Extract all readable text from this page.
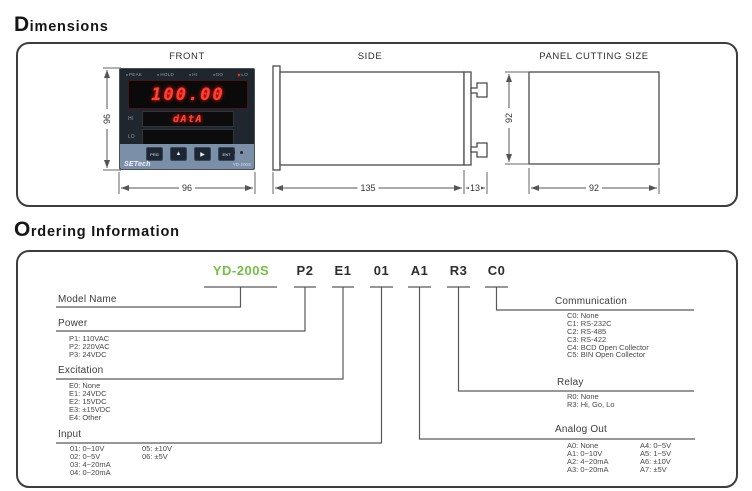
Dimensions
FRONT	SIDE	PANEL CUTTING SIZE
PEAK	HOLD	HI	GO	LO
100.00
HI	dAtA
LO
PRG	▲	▶	ENT
SETech	YD-200S
96
96	135	13
92
92
Ordering Information
YD-200S	P2 E1 01 A1 R3 C0
Model Name
Power
P1: 110VAC
P2: 220VAC
P3: 24VDC
Excitation
E0: None
E1: 24VDC
E2: 15VDC
E3: ±15VDC
E4: Other
Input
01: 0~10V
02: 0~5V
03: 4~20mA
04: 0~20mA
05: ±10V
06: ±5V
Communication
C0: None
C1: RS-232C
C2: RS-485
C3: RS-422
C4: BCD Open Collector
C5: BIN Open Collector
Relay
R0: None
R3: Hi, Go, Lo
Analog Out
A0: None
A1: 0~10V
A2: 4~20mA
A3: 0~20mA
A4: 0~5V
A5: 1~5V
A6: ±10V
A7: ±5V
